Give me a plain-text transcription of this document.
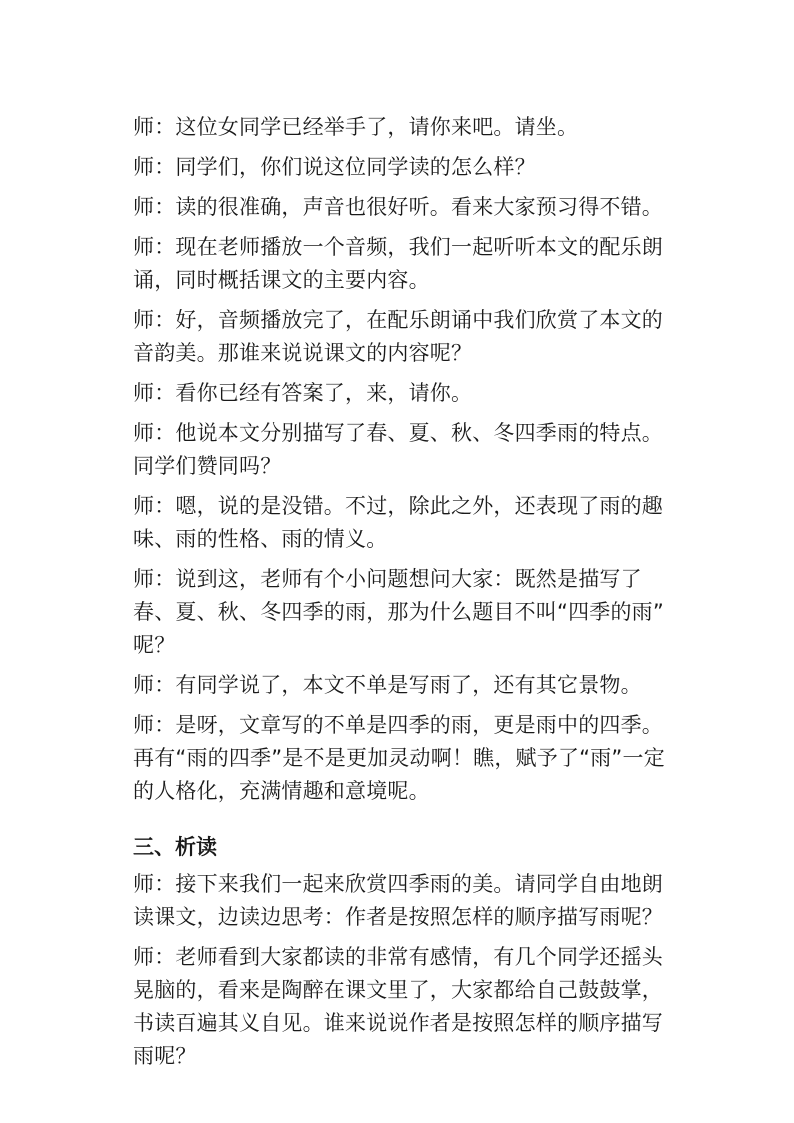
师：这位女同学已经举手了，请你来吧。请坐。
师：同学们，你们说这位同学读的怎么样？
师：读的很准确，声音也很好听。看来大家预习得不错。
师：现在老师播放一个音频，我们一起听听本文的配乐朗
诵，同时概括课文的主要内容。
师：好，音频播放完了，在配乐朗诵中我们欣赏了本文的
音韵美。那谁来说说课文的内容呢？
师：看你已经有答案了，来，请你。
师：他说本文分别描写了春、夏、秋、冬四季雨的特点。
同学们赞同吗？
师：嗯，说的是没错。不过，除此之外，还表现了雨的趣
味、雨的性格、雨的情义。
师：说到这，老师有个小问题想问大家：既然是描写了
春、夏、秋、冬四季的雨，那为什么题目不叫“四季的雨”
呢？
师：有同学说了，本文不单是写雨了，还有其它景物。
师：是呀，文章写的不单是四季的雨，更是雨中的四季。
再有“雨的四季”是不是更加灵动啊！瞧，赋予了“雨”一定
的人格化，充满情趣和意境呢。
三、析读
师：接下来我们一起来欣赏四季雨的美。请同学自由地朗
读课文，边读边思考：作者是按照怎样的顺序描写雨呢？
师：老师看到大家都读的非常有感情，有几个同学还摇头
晃脑的，看来是陶醉在课文里了，大家都给自己鼓鼓掌，
书读百遍其义自见。谁来说说作者是按照怎样的顺序描写
雨呢？
